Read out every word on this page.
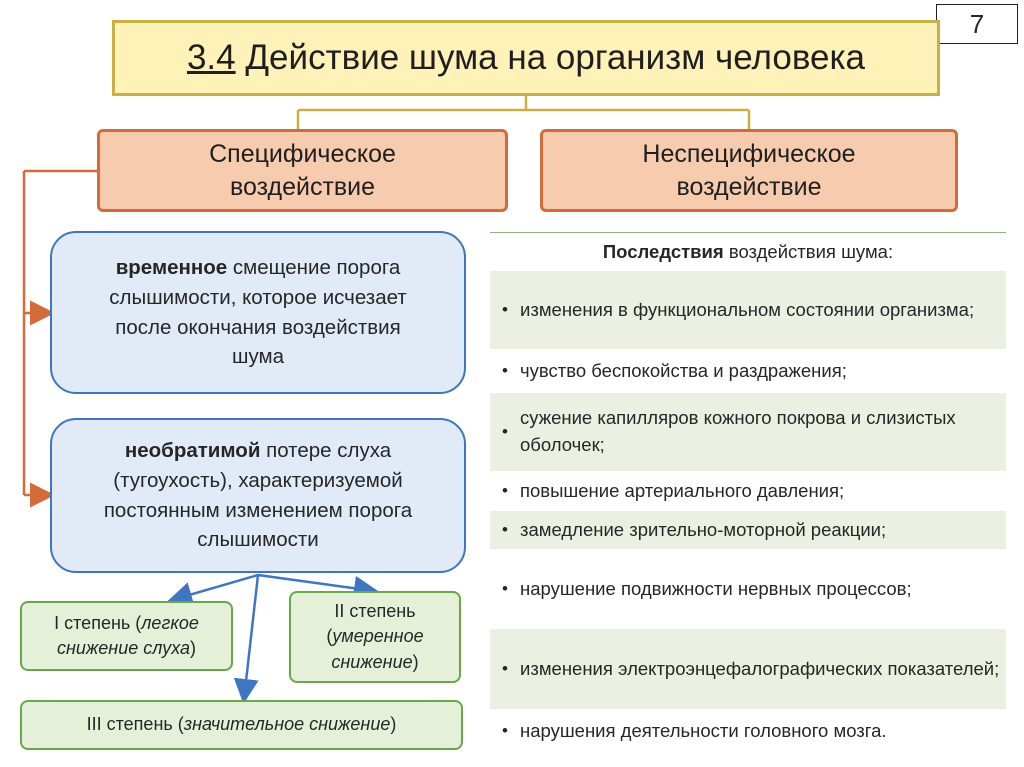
7
3.4 Действие шума на организм человека
Специфическое воздействие
Неспецифическое воздействие
временное смещение порога слышимости, которое исчезает после окончания воздействия шума
необратимой потере слуха (тугоухость), характеризуемой постоянным изменением порога слышимости
I степень (легкое снижение слуха)
II степень (умеренное снижение)
III степень (значительное снижение)
Последствия воздействия шума:
• изменения в функциональном состоянии организма;
• чувство беспокойства и раздражения;
•
сужение капилляров кожного покрова и слизистых оболочек;
• повышение артериального давления;
• замедление зрительно-моторной реакции;
• нарушение подвижности нервных процессов;
• изменения электроэнцефалографических показателей;
• нарушения деятельности головного мозга.
